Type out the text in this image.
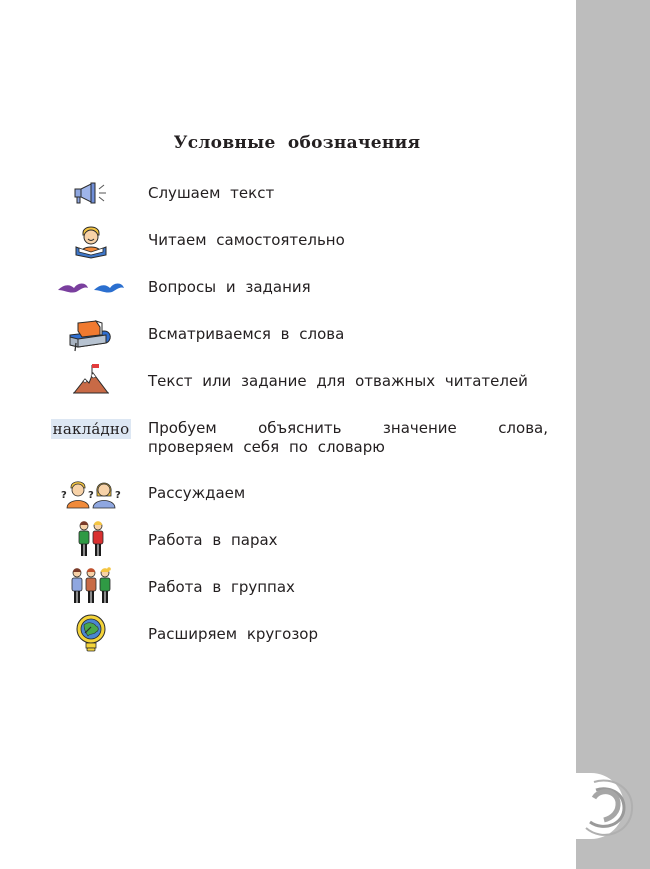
Условные обозначения
Слушаем текст
Читаем самостоятельно
Вопросы и задания
Всматриваемся в слова
Текст или задание для отважных читателей
накла́дно Пробуем объяснить значение слова, проверяем себя по словарю
? ? ? Рассуждаем
Работа в парах
Работа в группах
Расширяем кругозор
